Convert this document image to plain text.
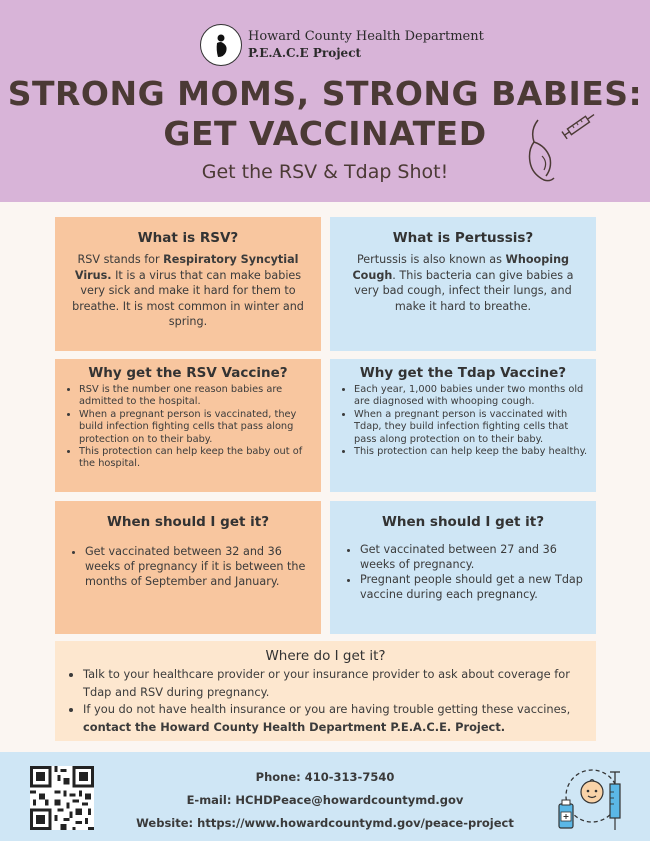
Howard County Health Department
P.E.A.C.E Project
STRONG MOMS, STRONG BABIES:
GET VACCINATED
Get the RSV & Tdap Shot!
What is RSV?

RSV stands for Respiratory Syncytial Virus. It is a virus that can make babies very sick and make it hard for them to breathe. It is most common in winter and spring.

What is Pertussis?

Pertussis is also known as Whooping Cough. This bacteria can give babies a very bad cough, infect their lungs, and make it hard to breathe.

Why get the RSV Vaccine?
• RSV is the number one reason babies are admitted to the hospital.
• When a pregnant person is vaccinated, they build infection fighting cells that pass along protection on to their baby.
• This protection can help keep the baby out of the hospital.
Why get the Tdap Vaccine?
• Each year, 1,000 babies under two months old are diagnosed with whooping cough.
• When a pregnant person is vaccinated with Tdap, they build infection fighting cells that pass along protection on to their baby.
• This protection can help keep the baby healthy.
When should I get it?
• Get vaccinated between 32 and 36 weeks of pregnancy if it is between the months of September and January.
When should I get it?
• Get vaccinated between 27 and 36 weeks of pregnancy.
• Pregnant people should get a new Tdap vaccine during each pregnancy.
Where do I get it?
• Talk to your healthcare provider or your insurance provider to ask about coverage for Tdap and RSV during pregnancy.
• If you do not have health insurance or you are having trouble getting these vaccines, contact the Howard County Health Department P.E.A.C.E. Project.
Phone: 410-313-7540
E-mail: HCHDPeace@howardcountymd.gov
Website: https://www.howardcountymd.gov/peace-project
